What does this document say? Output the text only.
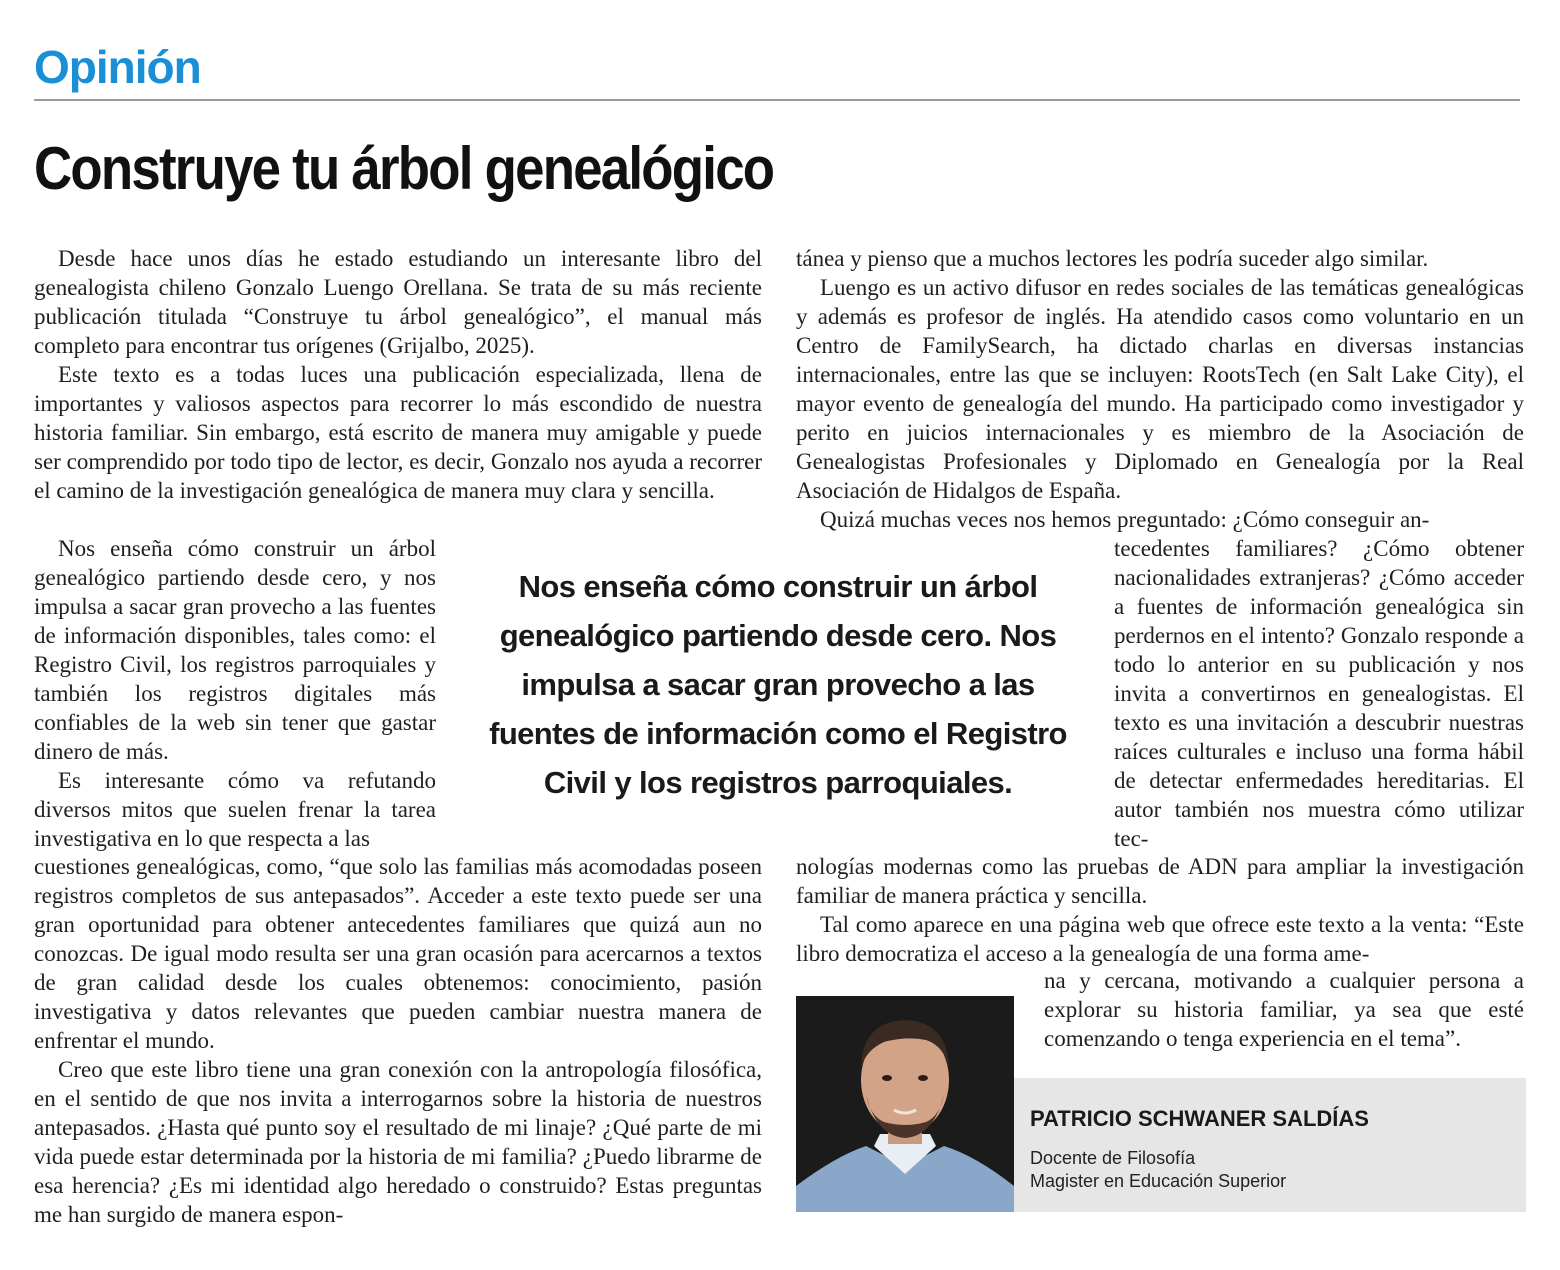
Opinión
Construye tu árbol genealógico

Desde hace unos días he estado estudiando un interesante libro del genealogista chileno Gonzalo Luengo Orellana. Se trata de su más reciente publicación titulada “Construye tu árbol genealógico”, el manual más completo para encontrar tus orígenes (Grijalbo, 2025).

Este texto es a todas luces una publicación especializada, llena de importantes y valiosos aspectos para recorrer lo más escondido de nuestra historia familiar. Sin embargo, está escrito de manera muy amigable y puede ser comprendido por todo tipo de lector, es decir, Gonzalo nos ayuda a recorrer el camino de la investigación genealógica de manera muy clara y sencilla.

Nos enseña cómo construir un árbol genealógico partiendo desde cero, y nos impulsa a sacar gran provecho a las fuentes de información disponibles, tales como: el Registro Civil, los registros parroquiales y también los registros digitales más confiables de la web sin tener que gastar dinero de más.

Es interesante cómo va refutando diversos mitos que suelen frenar la tarea investigativa en lo que respecta a las

cuestiones genealógicas, como, “que solo las familias más acomodadas poseen registros completos de sus antepasados”. Acceder a este texto puede ser una gran oportunidad para obtener antecedentes familiares que quizá aun no conozcas. De igual modo resulta ser una gran ocasión para acercarnos a textos de gran calidad desde los cuales obtenemos: conocimiento, pasión investigativa y datos relevantes que pueden cambiar nuestra manera de enfrentar el mundo.

Creo que este libro tiene una gran conexión con la antropología filosófica, en el sentido de que nos invita a interrogarnos sobre la historia de nuestros antepasados. ¿Hasta qué punto soy el resultado de mi linaje? ¿Qué parte de mi vida puede estar determinada por la historia de mi familia? ¿Puedo librarme de esa herencia? ¿Es mi identidad algo heredado o construido? Estas preguntas me han surgido de manera espon-

tánea y pienso que a muchos lectores les podría suceder algo similar.

Luengo es un activo difusor en redes sociales de las temáticas genealógicas y además es profesor de inglés. Ha atendido casos como voluntario en un Centro de FamilySearch, ha dictado charlas en diversas instancias internacionales, entre las que se incluyen: RootsTech (en Salt Lake City), el mayor evento de genealogía del mundo. Ha participado como investigador y perito en juicios internacionales y es miembro de la Asociación de Genealogistas Profesionales y Diplomado en Genealogía por la Real Asociación de Hidalgos de España.

Quizá muchas veces nos hemos preguntado: ¿Cómo conseguir an-

tecedentes familiares? ¿Cómo obtener nacionalidades extranjeras? ¿Cómo acceder a fuentes de información genealógica sin perdernos en el intento? Gonzalo responde a todo lo anterior en su publicación y nos invita a convertirnos en genealogistas. El texto es una invitación a descubrir nuestras raíces culturales e incluso una forma hábil de detectar enfermedades hereditarias. El autor también nos muestra cómo utilizar tec-

nologías modernas como las pruebas de ADN para ampliar la investigación familiar de manera práctica y sencilla.

Tal como aparece en una página web que ofrece este texto a la venta: “Este libro democratiza el acceso a la genealogía de una forma ame-

na y cercana, motivando a cualquier persona a explorar su historia familiar, ya sea que esté comenzando o tenga experiencia en el tema”.

Nos enseña cómo construir un árbol genealógico partiendo desde cero. Nos impulsa a sacar gran provecho a las fuentes de información como el Registro Civil y los registros parroquiales.
PATRICIO SCHWANER SALDÍAS
Docente de Filosofía
Magister en Educación Superior
